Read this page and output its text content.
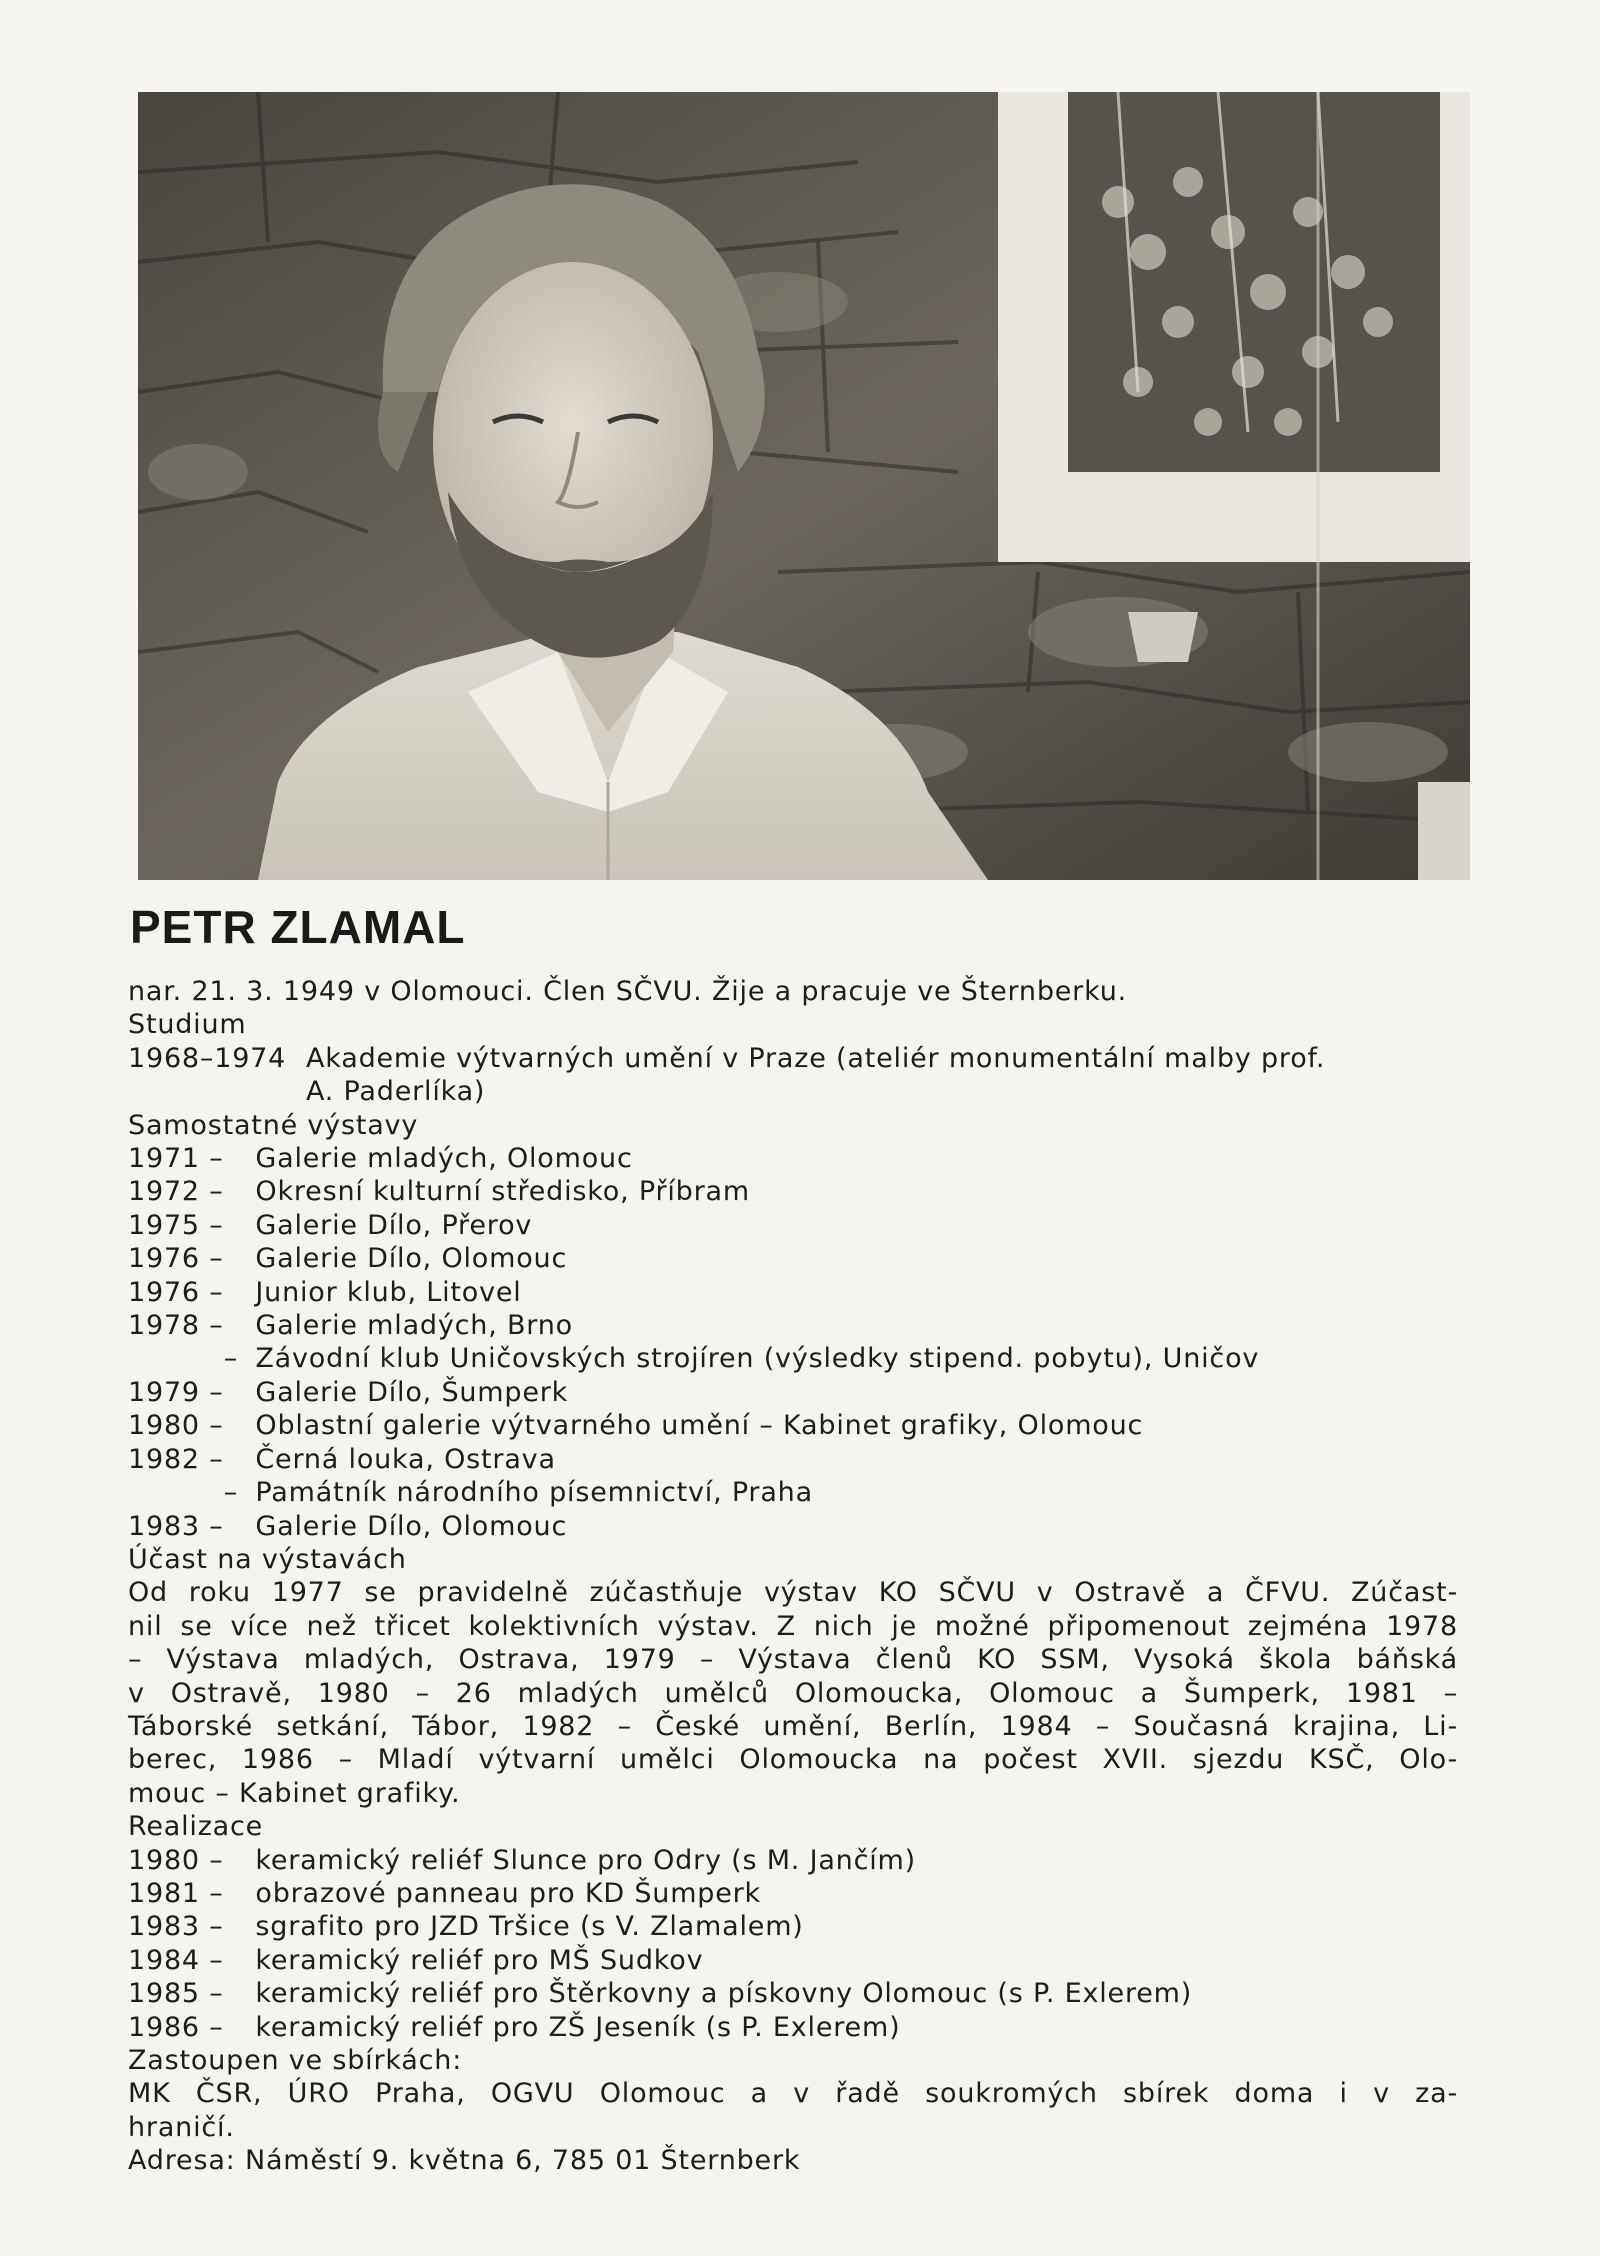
PETR ZLAMAL
nar. 21. 3. 1949 v Olomouci. Člen SČVU. Žije a pracuje ve Šternberku.
Studium
1968–1974 Akademie výtvarných umění v Praze (ateliér monumentální malby prof.
A. Paderlíka)
Samostatné výstavy
1971 – Galerie mladých, Olomouc
1972 – Okresní kulturní středisko, Příbram
1975 – Galerie Dílo, Přerov
1976 – Galerie Dílo, Olomouc
1976 – Junior klub, Litovel
1978 – Galerie mladých, Brno
– Závodní klub Uničovských strojíren (výsledky stipend. pobytu), Uničov
1979 – Galerie Dílo, Šumperk
1980 – Oblastní galerie výtvarného umění – Kabinet grafiky, Olomouc
1982 – Černá louka, Ostrava
– Památník národního písemnictví, Praha
1983 – Galerie Dílo, Olomouc
Účast na výstavách
Od roku 1977 se pravidelně zúčastňuje výstav KO SČVU v Ostravě a ČFVU. Zúčast-
nil se více než třicet kolektivních výstav. Z nich je možné připomenout zejména 1978
– Výstava mladých, Ostrava, 1979 – Výstava členů KO SSM, Vysoká škola báňská
v Ostravě, 1980 – 26 mladých umělců Olomoucka, Olomouc a Šumperk, 1981 –
Táborské setkání, Tábor, 1982 – České umění, Berlín, 1984 – Současná krajina, Li-
berec, 1986 – Mladí výtvarní umělci Olomoucka na počest XVII. sjezdu KSČ, Olo-
mouc – Kabinet grafiky.
Realizace
1980 – keramický reliéf Slunce pro Odry (s M. Jančím)
1981 – obrazové panneau pro KD Šumperk
1983 – sgrafito pro JZD Tršice (s V. Zlamalem)
1984 – keramický reliéf pro MŠ Sudkov
1985 – keramický reliéf pro Štěrkovny a pískovny Olomouc (s P. Exlerem)
1986 – keramický reliéf pro ZŠ Jeseník (s P. Exlerem)
Zastoupen ve sbírkách:
MK ČSR, ÚRO Praha, OGVU Olomouc a v řadě soukromých sbírek doma i v za-
hraničí.
Adresa: Náměstí 9. května 6, 785 01 Šternberk
